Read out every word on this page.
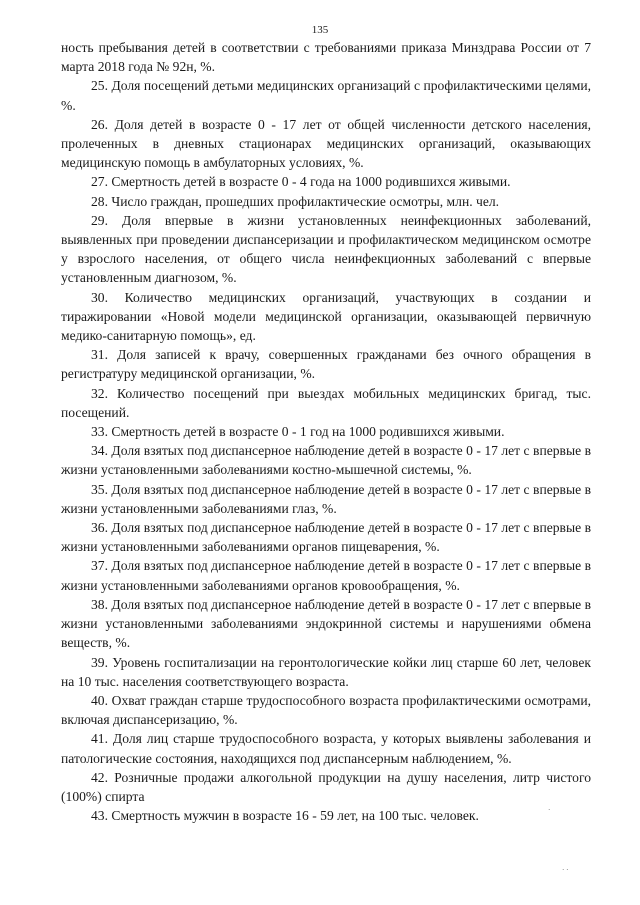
135

ность пребывания детей в соответствии с требованиями приказа Минздрава России от 7 марта 2018 года № 92н, %.

25. Доля посещений детьми медицинских организаций с профилактическими целями, %.

26. Доля детей в возрасте 0 - 17 лет от общей численности детского населения, пролеченных в дневных стационарах медицинских организаций, оказывающих медицинскую помощь в амбулаторных условиях, %.

27. Смертность детей в возрасте 0 - 4 года на 1000 родившихся живыми.

28. Число граждан, прошедших профилактические осмотры, млн. чел.

29. Доля впервые в жизни установленных неинфекционных заболеваний, выявленных при проведении диспансеризации и профилактическом медицинском осмотре у взрослого населения, от общего числа неинфекционных заболеваний с впервые установленным диагнозом, %.

30. Количество медицинских организаций, участвующих в создании и тиражировании «Новой модели медицинской организации, оказывающей первичную медико-санитарную помощь», ед.

31. Доля записей к врачу, совершенных гражданами без очного обращения в регистратуру медицинской организации, %.

32. Количество посещений при выездах мобильных медицинских бригад, тыс. посещений.

33. Смертность детей в возрасте 0 - 1 год на 1000 родившихся живыми.

34. Доля взятых под диспансерное наблюдение детей в возрасте 0 - 17 лет с впервые в жизни установленными заболеваниями костно-мышечной системы, %.

35. Доля взятых под диспансерное наблюдение детей в возрасте 0 - 17 лет с впервые в жизни установленными заболеваниями глаз, %.

36. Доля взятых под диспансерное наблюдение детей в возрасте 0 - 17 лет с впервые в жизни установленными заболеваниями органов пищеварения, %.

37. Доля взятых под диспансерное наблюдение детей в возрасте 0 - 17 лет с впервые в жизни установленными заболеваниями органов кровообращения, %.

38. Доля взятых под диспансерное наблюдение детей в возрасте 0 - 17 лет с впервые в жизни установленными заболеваниями эндокринной системы и нарушениями обмена веществ, %.

39. Уровень госпитализации на геронтологические койки лиц старше 60 лет, человек на 10 тыс. населения соответствующего возраста.

40. Охват граждан старше трудоспособного возраста профилактическими осмотрами, включая диспансеризацию, %.

41. Доля лиц старше трудоспособного возраста, у которых выявлены заболевания и патологические состояния, находящихся под диспансерным наблюдением, %.

42. Розничные продажи алкогольной продукции на душу населения, литр чистого (100%) спирта

43. Смертность мужчин в возрасте 16 - 59 лет, на 100 тыс. человек.	·
· ·
